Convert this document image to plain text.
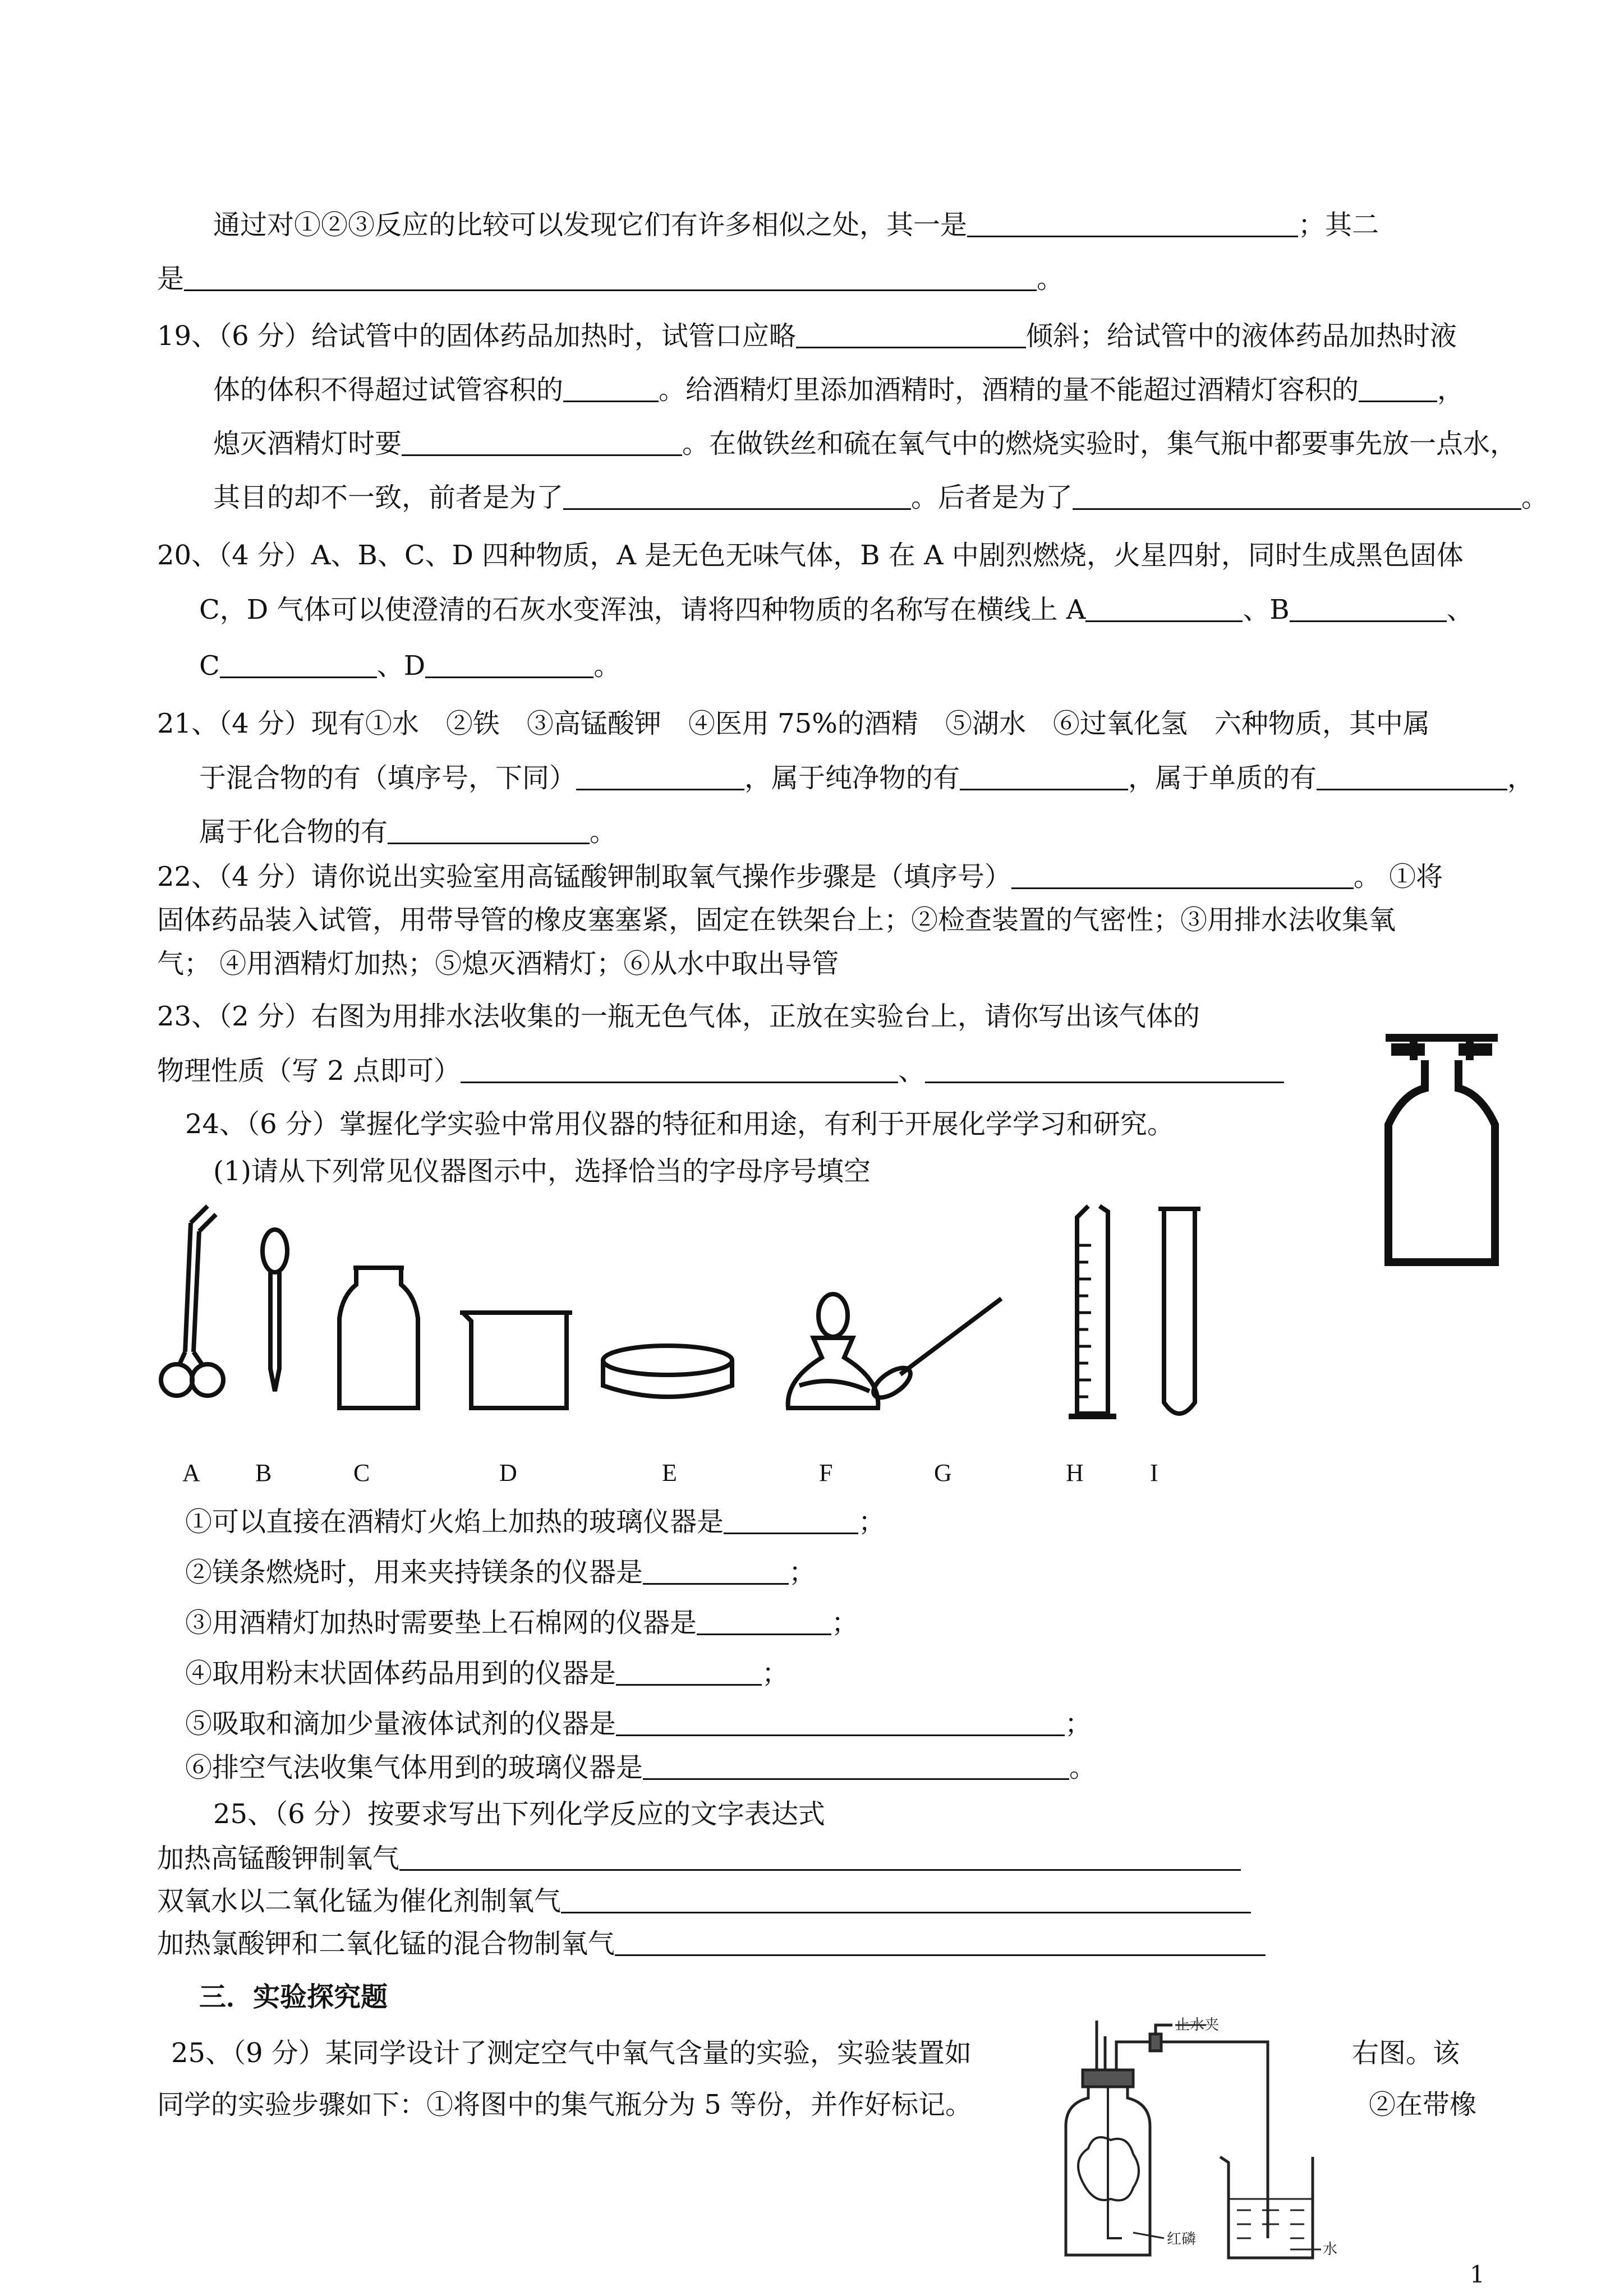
通过对①②③反应的比较可以发现它们有许多相似之处，其一是	；其二
是	。
19、（6 分）给试管中的固体药品加热时，试管口应略	倾斜；给试管中的液体药品加热时液
体的体积不得超过试管容积的	。给酒精灯里添加酒精时，酒精的量不能超过酒精灯容积的	，
熄灭酒精灯时要	。在做铁丝和硫在氧气中的燃烧实验时，集气瓶中都要事先放一点水，
其目的却不一致，前者是为了	。后者是为了	。
20、（4 分）A、B、C、D 四种物质，A 是无色无味气体，B 在 A 中剧烈燃烧，火星四射，同时生成黑色固体
C，D 气体可以使澄清的石灰水变浑浊，请将四种物质的名称写在横线上 A	、B	、
C	、D	。
21、（4 分）现有①水　②铁　③高锰酸钾　④医用 75%的酒精　⑤湖水　⑥过氧化氢　六种物质，其中属
于混合物的有（填序号，下同）	，属于纯净物的有	，属于单质的有	，
属于化合物的有	。
22、（4 分）请你说出实验室用高锰酸钾制取氧气操作步骤是（填序号）	。 ①将
固体药品装入试管，用带导管的橡皮塞塞紧，固定在铁架台上；②检查装置的气密性；③用排水法收集氧
气； ④用酒精灯加热；⑤熄灭酒精灯；⑥从水中取出导管
23、（2 分）右图为用排水法收集的一瓶无色气体，正放在实验台上，请你写出该气体的
物理性质（写 2 点即可）	、
24、（6 分）掌握化学实验中常用仪器的特征和用途，有利于开展化学学习和研究。
(1)请从下列常见仪器图示中，选择恰当的字母序号填空
A B	C	D	E	F	G	H	I
①可以直接在酒精灯火焰上加热的玻璃仪器是	；
②镁条燃烧时，用来夹持镁条的仪器是	；
③用酒精灯加热时需要垫上石棉网的仪器是	；
④取用粉末状固体药品用到的仪器是	；
⑤吸取和滴加少量液体试剂的仪器是	；
⑥排空气法收集气体用到的玻璃仪器是	。
25、（6 分）按要求写出下列化学反应的文字表达式
加热高锰酸钾制氧气
双氧水以二氧化锰为催化剂制氧气
加热氯酸钾和二氧化锰的混合物制氧气
三．实验探究题
25、（9 分）某同学设计了测定空气中氧气含量的实验，实验装置如	右图。该
同学的实验步骤如下：①将图中的集气瓶分为 5 等份，并作好标记。	②在带橡
止水夹
红磷
水
1
